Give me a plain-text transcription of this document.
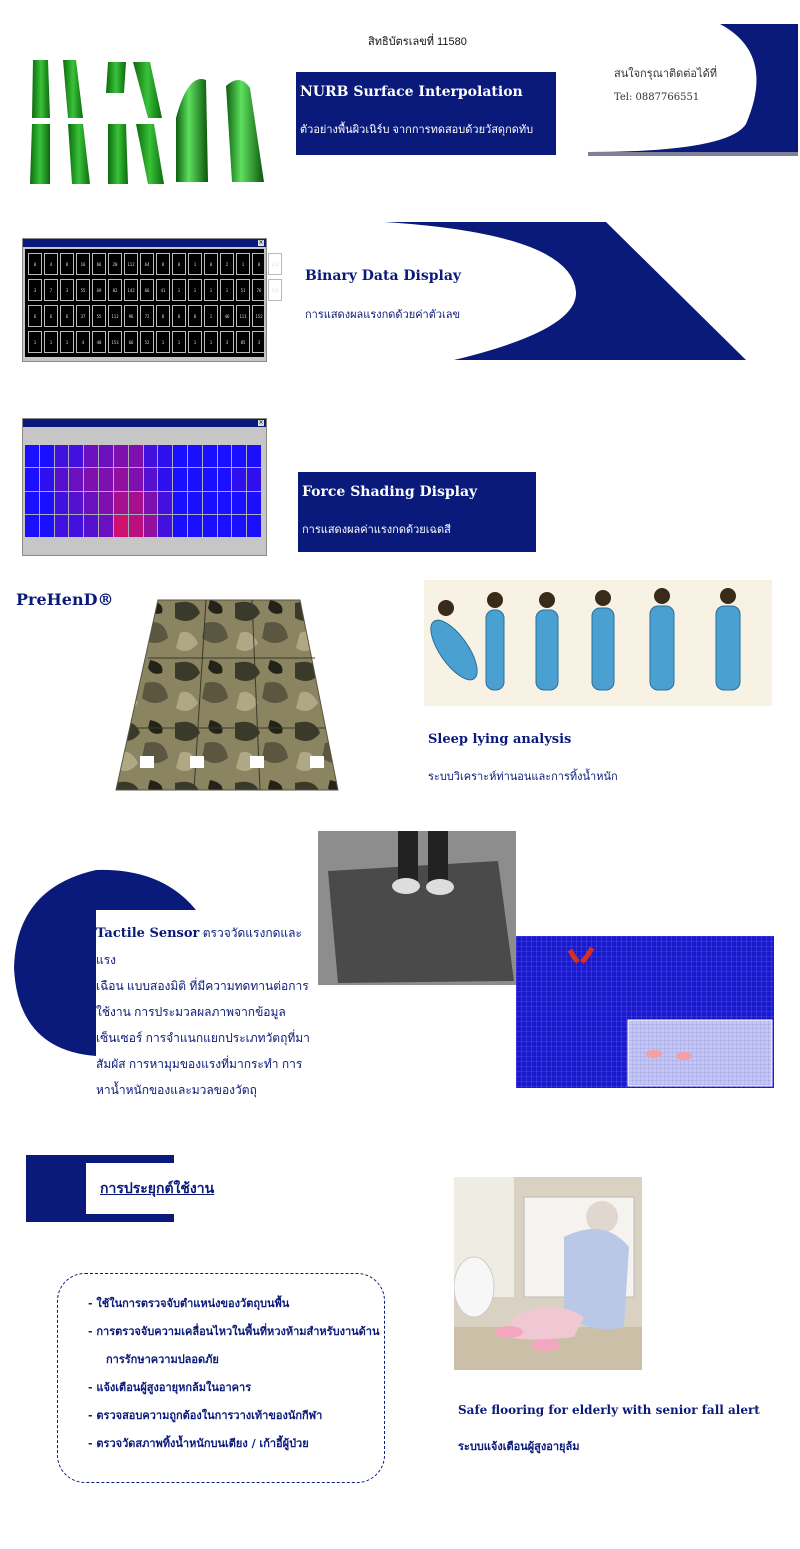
สิทธิบัตรเลขที่ 11580
NURB Surface Interpolation
ตัวอย่างพื้นผิวเนิร์บ จากการทดสอบด้วยวัสดุกดทับ
สนใจกรุณาติดต่อได้ที่
Tel: 0887766551
×
0	4	8	16	66	20	112	64	8	0	1	0	2	1	0	113
3	7	3	55	69	82	142	66	41	1	1	1	1	51	76	154
6	6	6	37	55	112	96	72	8	0	0	1	46	111	152
1	1	1	4	40	153	66	52	1	1	1	1	3	85	3
Binary Data Display
การแสดงผลแรงกดด้วยค่าตัวเลข
×
Force Shading Display
การแสดงผลค่าแรงกดด้วยเฉดสี
PreHenD®
Sleep lying analysis
ระบบวิเคราะห์ท่านอนและการทิ้งน้ำหนัก
Tactile Sensor ตรวจวัดแรงกดและแรง
เฉือน แบบสองมิติ ที่มีความทดทานต่อการ
ใช้งาน การประมวลผลภาพจากข้อมูล
เซ็นเซอร์ การจำแนกแยกประเภทวัตถุที่มา
สัมผัส การหามุมของแรงที่มากระทำ การ
หาน้ำหนักของและมวลของวัตถุ
การประยุกต์ใช้งาน
- ใช้ในการตรวจจับตำแหน่งของวัตถุบนพื้น
- การตรวจจับความเคลื่อนไหวในพื้นที่หวงห้ามสำหรับงานด้าน
การรักษาความปลอดภัย
- แจ้งเตือนผู้สูงอายุหกล้มในอาคาร
- ตรวจสอบความถูกต้องในการวางเท้าของนักกีฬา
- ตรวจวัดสภาพทิ้งน้ำหนักบนเตียง / เก้าอี้ผู้ป่วย
Safe flooring for elderly with senior fall alert
ระบบแจ้งเตือนผู้สูงอายุล้ม
